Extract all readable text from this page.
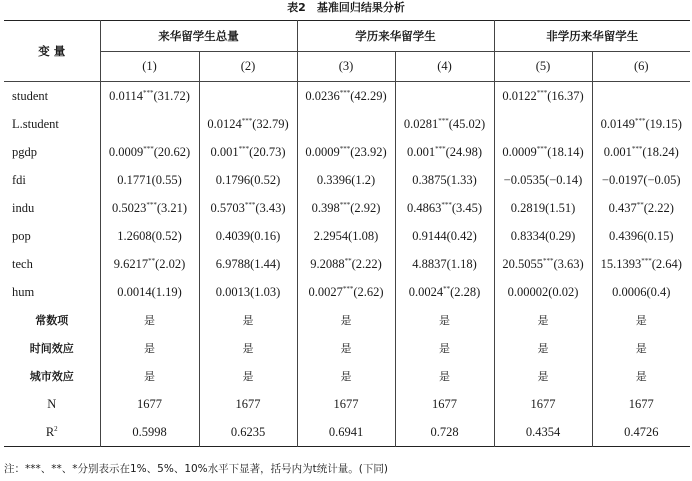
表2　基准回归结果分析
变 量	来华留学生总量		学历来华留学生		非学历来华留学生	
	(1)	(2)	(3)	(4)	(5)	(6)
student	0.0114***(31.72)		0.0236***(42.29)		0.0122***(16.37)	
L.student		0.0124***(32.79)		0.0281***(45.02)		0.0149***(19.15)
pgdp	0.0009***(20.62)	0.001***(20.73)	0.0009***(23.92)	0.001***(24.98)	0.0009***(18.14)	0.001***(18.24)
fdi	0.1771(0.55)	0.1796(0.52)	0.3396(1.2)	0.3875(1.33)	−0.0535(−0.14)	−0.0197(−0.05)
indu	0.5023***(3.21)	0.5703***(3.43)	0.398***(2.92)	0.4863***(3.45)	0.2819(1.51)	0.437**(2.22)
pop	1.2608(0.52)	0.4039(0.16)	2.2954(1.08)	0.9144(0.42)	0.8334(0.29)	0.4396(0.15)
tech	9.6217**(2.02)	6.9788(1.44)	9.2088**(2.22)	4.8837(1.18)	20.5055***(3.63)	15.1393***(2.64)
hum	0.0014(1.19)	0.0013(1.03)	0.0027***(2.62)	0.0024**(2.28)	0.00002(0.02)	0.0006(0.4)
常数项	是	是	是	是	是	是
时间效应	是	是	是	是	是	是
城市效应	是	是	是	是	是	是
N	1677	1677	1677	1677	1677	1677
$R^2$	0.5998	0.6235	0.6941	0.728	0.4354	0.4726
注：***、**、*分别表示在1%、5%、10%水平下显著，括号内为t统计量。(下同)
